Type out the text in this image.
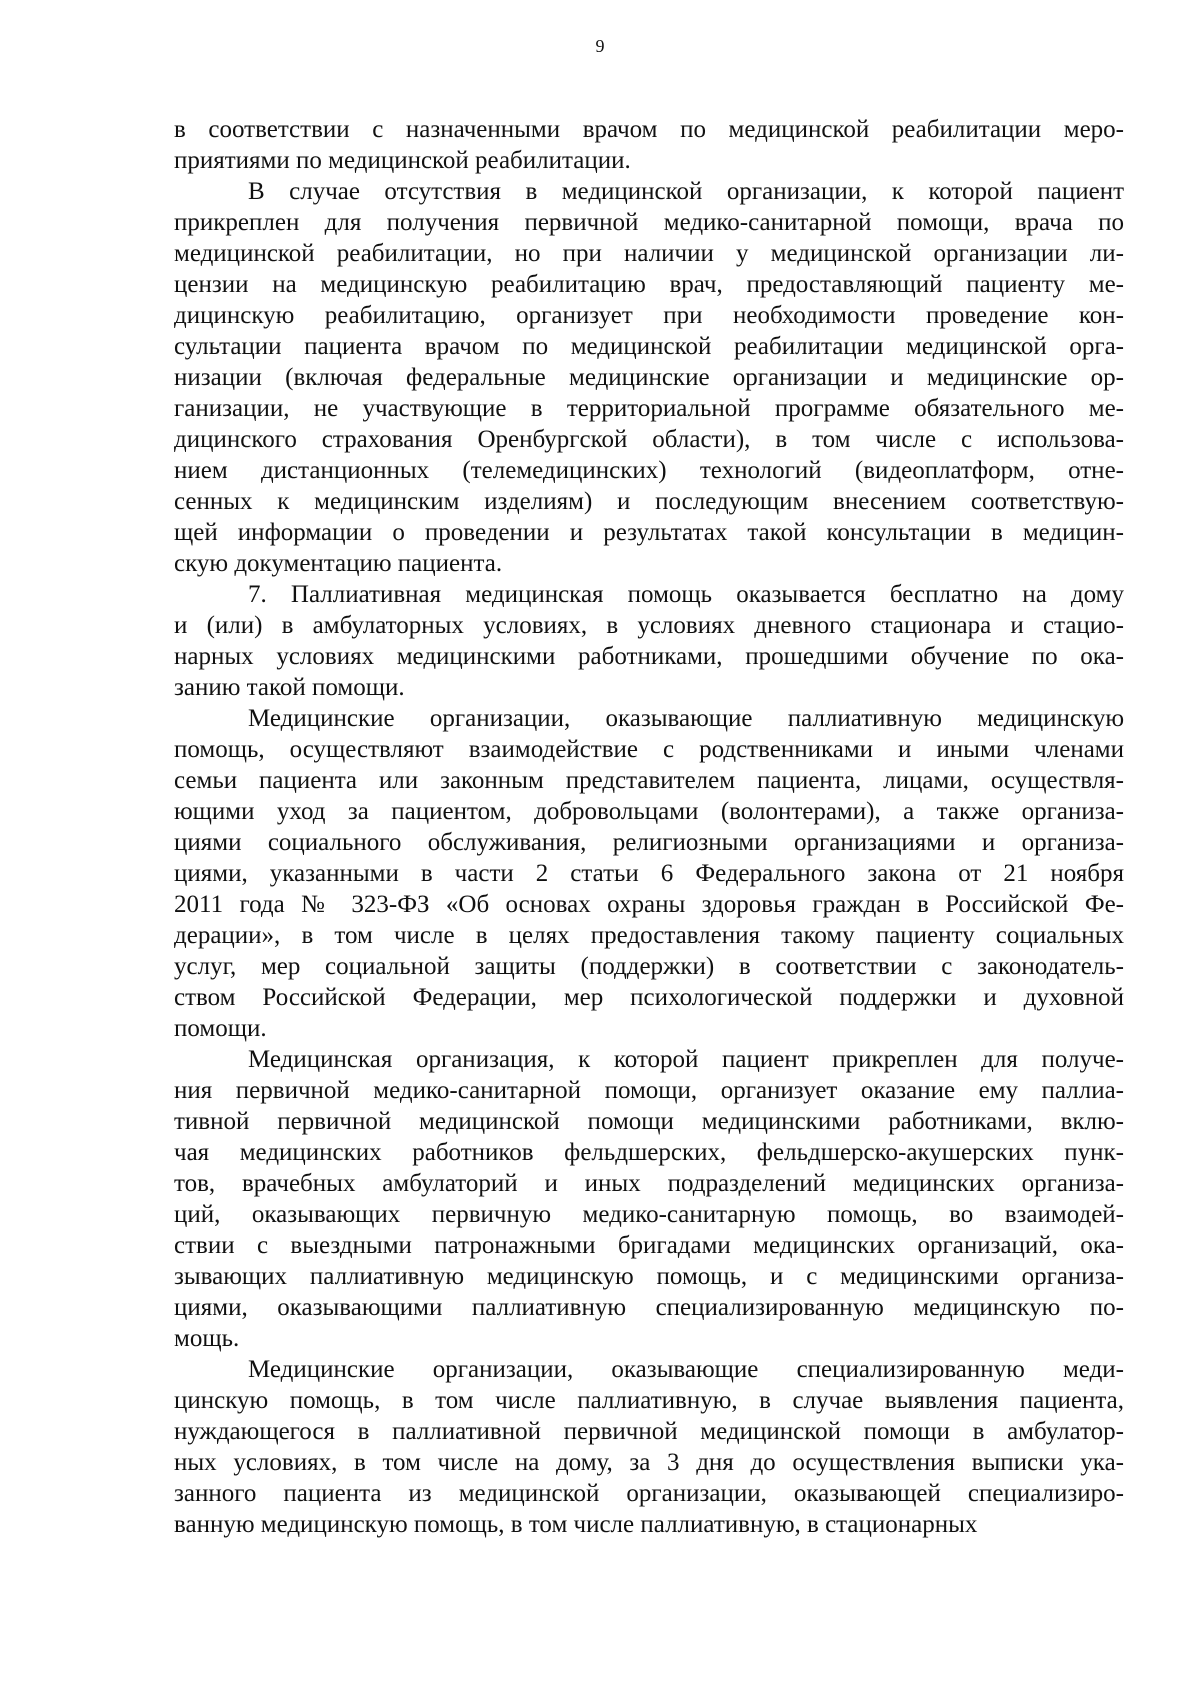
9
в соответствии с назначенными врачом по медицинской реабилитации меро-
приятиями по медицинской реабилитации.
В случае отсутствия в медицинской организации, к которой пациент
прикреплен для получения первичной медико-санитарной помощи, врача по
медицинской реабилитации, но при наличии у медицинской организации ли-
цензии на медицинскую реабилитацию врач, предоставляющий пациенту ме-
дицинскую реабилитацию, организует при необходимости проведение кон-
сультации пациента врачом по медицинской реабилитации медицинской орга-
низации (включая федеральные медицинские организации и медицинские ор-
ганизации, не участвующие в территориальной программе обязательного ме-
дицинского страхования Оренбургской области), в том числе с использова-
нием дистанционных (телемедицинских) технологий (видеоплатформ, отне-
сенных к медицинским изделиям) и последующим внесением соответствую-
щей информации о проведении и результатах такой консультации в медицин-
скую документацию пациента.
7. Паллиативная медицинская помощь оказывается бесплатно на дому
и (или) в амбулаторных условиях, в условиях дневного стационара и стацио-
нарных условиях медицинскими работниками, прошедшими обучение по ока-
занию такой помощи.
Медицинские организации, оказывающие паллиативную медицинскую
помощь, осуществляют взаимодействие с родственниками и иными членами
семьи пациента или законным представителем пациента, лицами, осуществля-
ющими уход за пациентом, добровольцами (волонтерами), а также организа-
циями социального обслуживания, религиозными организациями и организа-
циями, указанными в части 2 статьи 6 Федерального закона от 21 ноября
2011 года № 323-ФЗ «Об основах охраны здоровья граждан в Российской Фе-
дерации», в том числе в целях предоставления такому пациенту социальных
услуг, мер социальной защиты (поддержки) в соответствии с законодатель-
ством Российской Федерации, мер психологической поддержки и духовной
помощи.
Медицинская организация, к которой пациент прикреплен для получе-
ния первичной медико-санитарной помощи, организует оказание ему паллиа-
тивной первичной медицинской помощи медицинскими работниками, вклю-
чая медицинских работников фельдшерских, фельдшерско-акушерских пунк-
тов, врачебных амбулаторий и иных подразделений медицинских организа-
ций, оказывающих первичную медико-санитарную помощь, во взаимодей-
ствии с выездными патронажными бригадами медицинских организаций, ока-
зывающих паллиативную медицинскую помощь, и с медицинскими организа-
циями, оказывающими паллиативную специализированную медицинскую по-
мощь.
Медицинские организации, оказывающие специализированную меди-
цинскую помощь, в том числе паллиативную, в случае выявления пациента,
нуждающегося в паллиативной первичной медицинской помощи в амбулатор-
ных условиях, в том числе на дому, за 3 дня до осуществления выписки ука-
занного пациента из медицинской организации, оказывающей специализиро-
ванную медицинскую помощь, в том числе паллиативную, в стационарных
